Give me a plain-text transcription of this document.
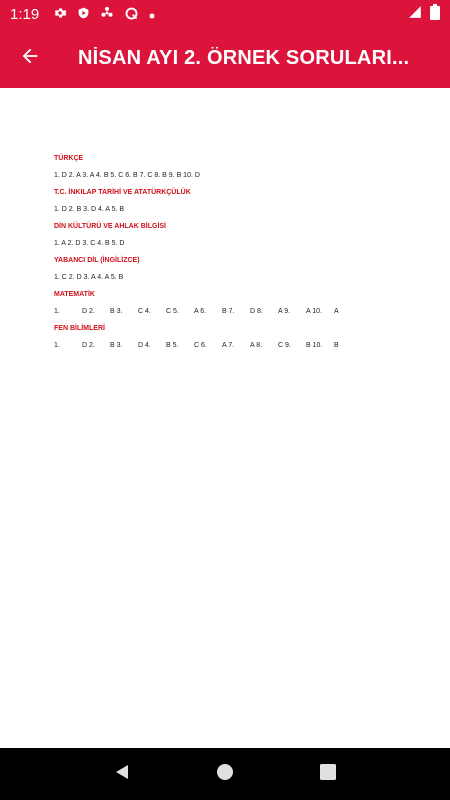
1:19
NİSAN AYI 2. ÖRNEK SORULARI...
TÜRKÇE
1. D 2. A 3. A 4. B 5. C 6. B 7. C 8. B 9. B 10. D
T.C. İNKILAP TARİHİ VE ATATÜRKÇÜLÜK
1. D 2. B 3. D 4. A 5. B
DİN KÜLTÜRÜ VE AHLAK BİLGİSİ
1. A 2. D 3. C 4. B 5. D
YABANCI DİL (İNGİLİZCE)
1. C 2. D 3. A 4. A 5. B
MATEMATİK
1.	D 2.	B 3.	C 4.	C 5.	A 6.	B 7.	D 8.	A 9.	A 10.	A
FEN BİLİMLERİ
1.	D 2.	B 3.	D 4.	B 5.	C 6.	A 7.	A 8.	C 9.	B 10.	B
